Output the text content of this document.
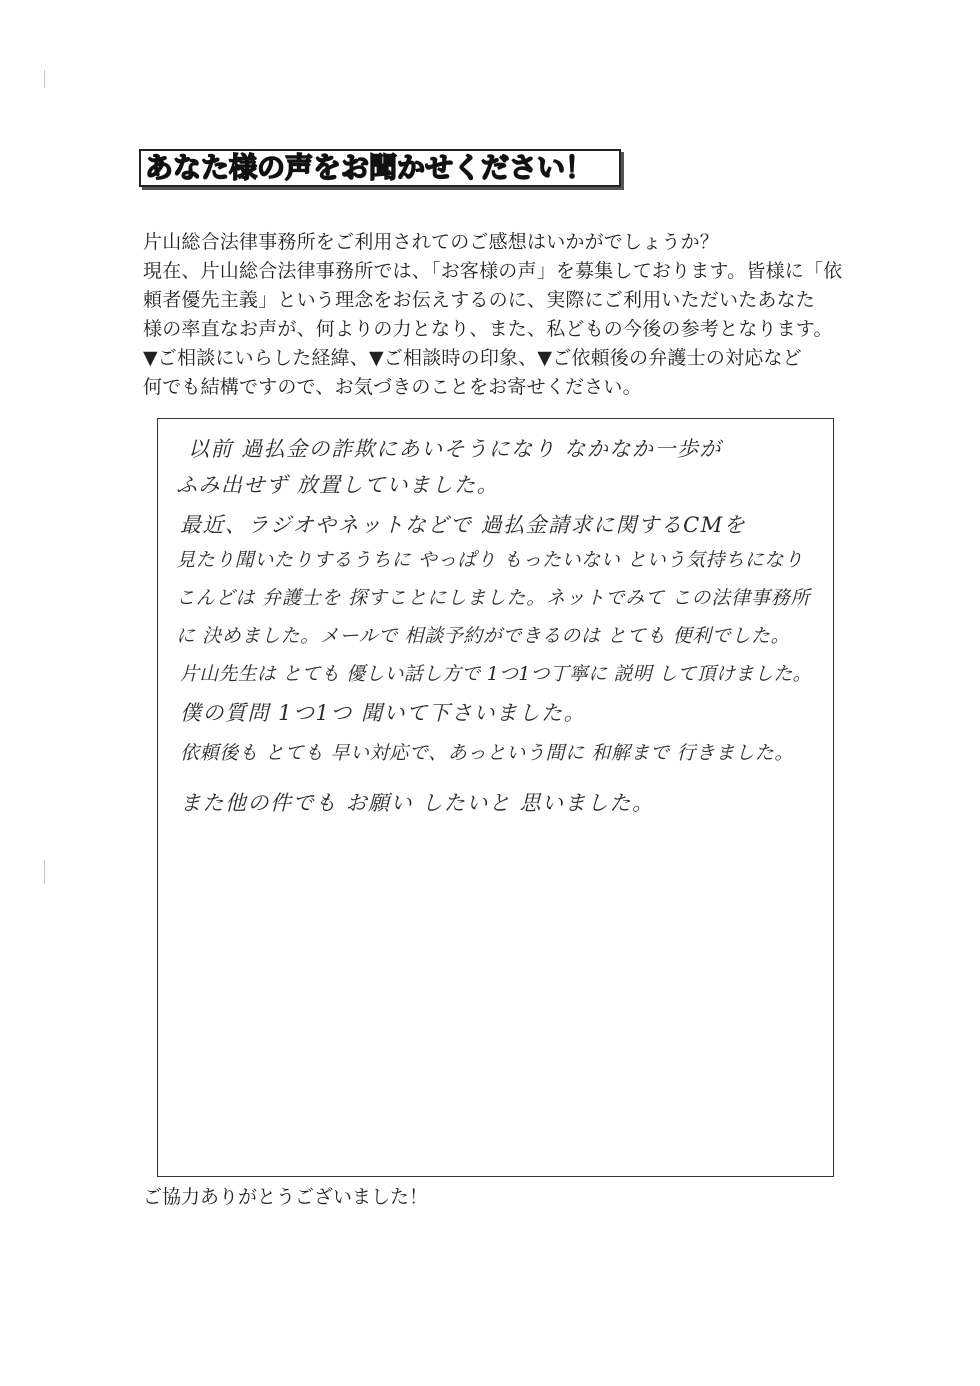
あなた様の声をお聞かせください！
片山総合法律事務所をご利用されてのご感想はいかがでしょうか？
現在、片山総合法律事務所では、「お客様の声」を募集しております。皆様に「依
頼者優先主義」という理念をお伝えするのに、実際にご利用いただいたあなた
様の率直なお声が、何よりの力となり、また、私どもの今後の参考となります。
▼ご相談にいらした経緯、▼ご相談時の印象、▼ご依頼後の弁護士の対応など
何でも結構ですので、お気づきのことをお寄せください。
以前 過払金の詐欺にあいそうになり なかなか一歩が
ふみ出せず 放置していました。
最近、ラジオやネットなどで 過払金請求に関するCMを
見たり聞いたりするうちに やっぱり もったいない という気持ちになり
こんどは 弁護士を 探すことにしました。ネットでみて この法律事務所
に 決めました。メールで 相談予約ができるのは とても 便利でした。
片山先生は とても 優しい話し方で 1つ1つ丁寧に 説明 して頂けました。
僕の質問 1つ1つ 聞いて下さいました。
依頼後も とても 早い対応で、あっという間に 和解まで 行きました。
また他の件でも お願い したいと 思いました。
ご協力ありがとうございました！
